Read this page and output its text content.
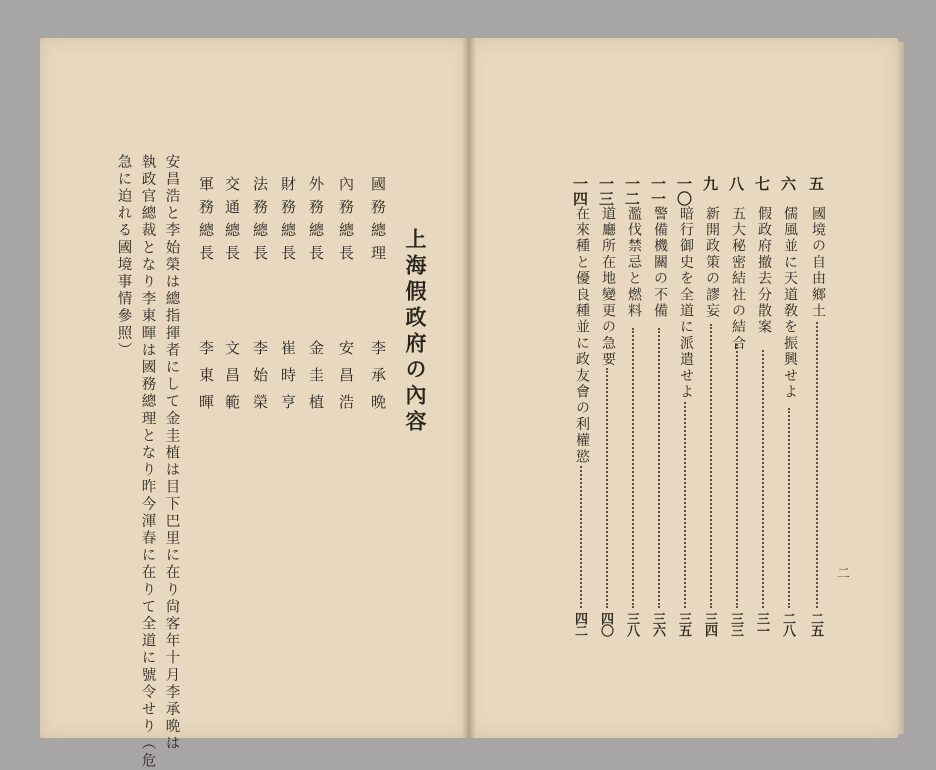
上海假政府の內容
國務總理
李承晩
內務總長
安昌浩
外務總長
金圭植
財務總長
崔時亨
法務總長
李始榮
交通總長
文昌範
軍務總長
李東暉
安昌浩と李始榮は總指揮者にして金圭植は目下巴里に在り尙客年十月李承晩は
執政官總裁となり李東暉は國務總理となり昨今渾春に在りて全道に號令せり（危
急に迫れる國境事情參照）
　　　　　　　	五
國境の自由鄉土
二五
六
儒風並に天道敎を振興せよ
二八
七
假政府撤去分散案
三一
八
五大秘密結社の結合
三三
九
新開政策の謬妄
三四
一〇
暗行御史を全道に派遣せよ
三五
一一
警備機關の不備
三六
一二
濫伐禁忌と燃料
三八
一三
道廳所在地變更の急要
四〇
一四
在來種と優良種並に政友會の利權慾
四二
二
